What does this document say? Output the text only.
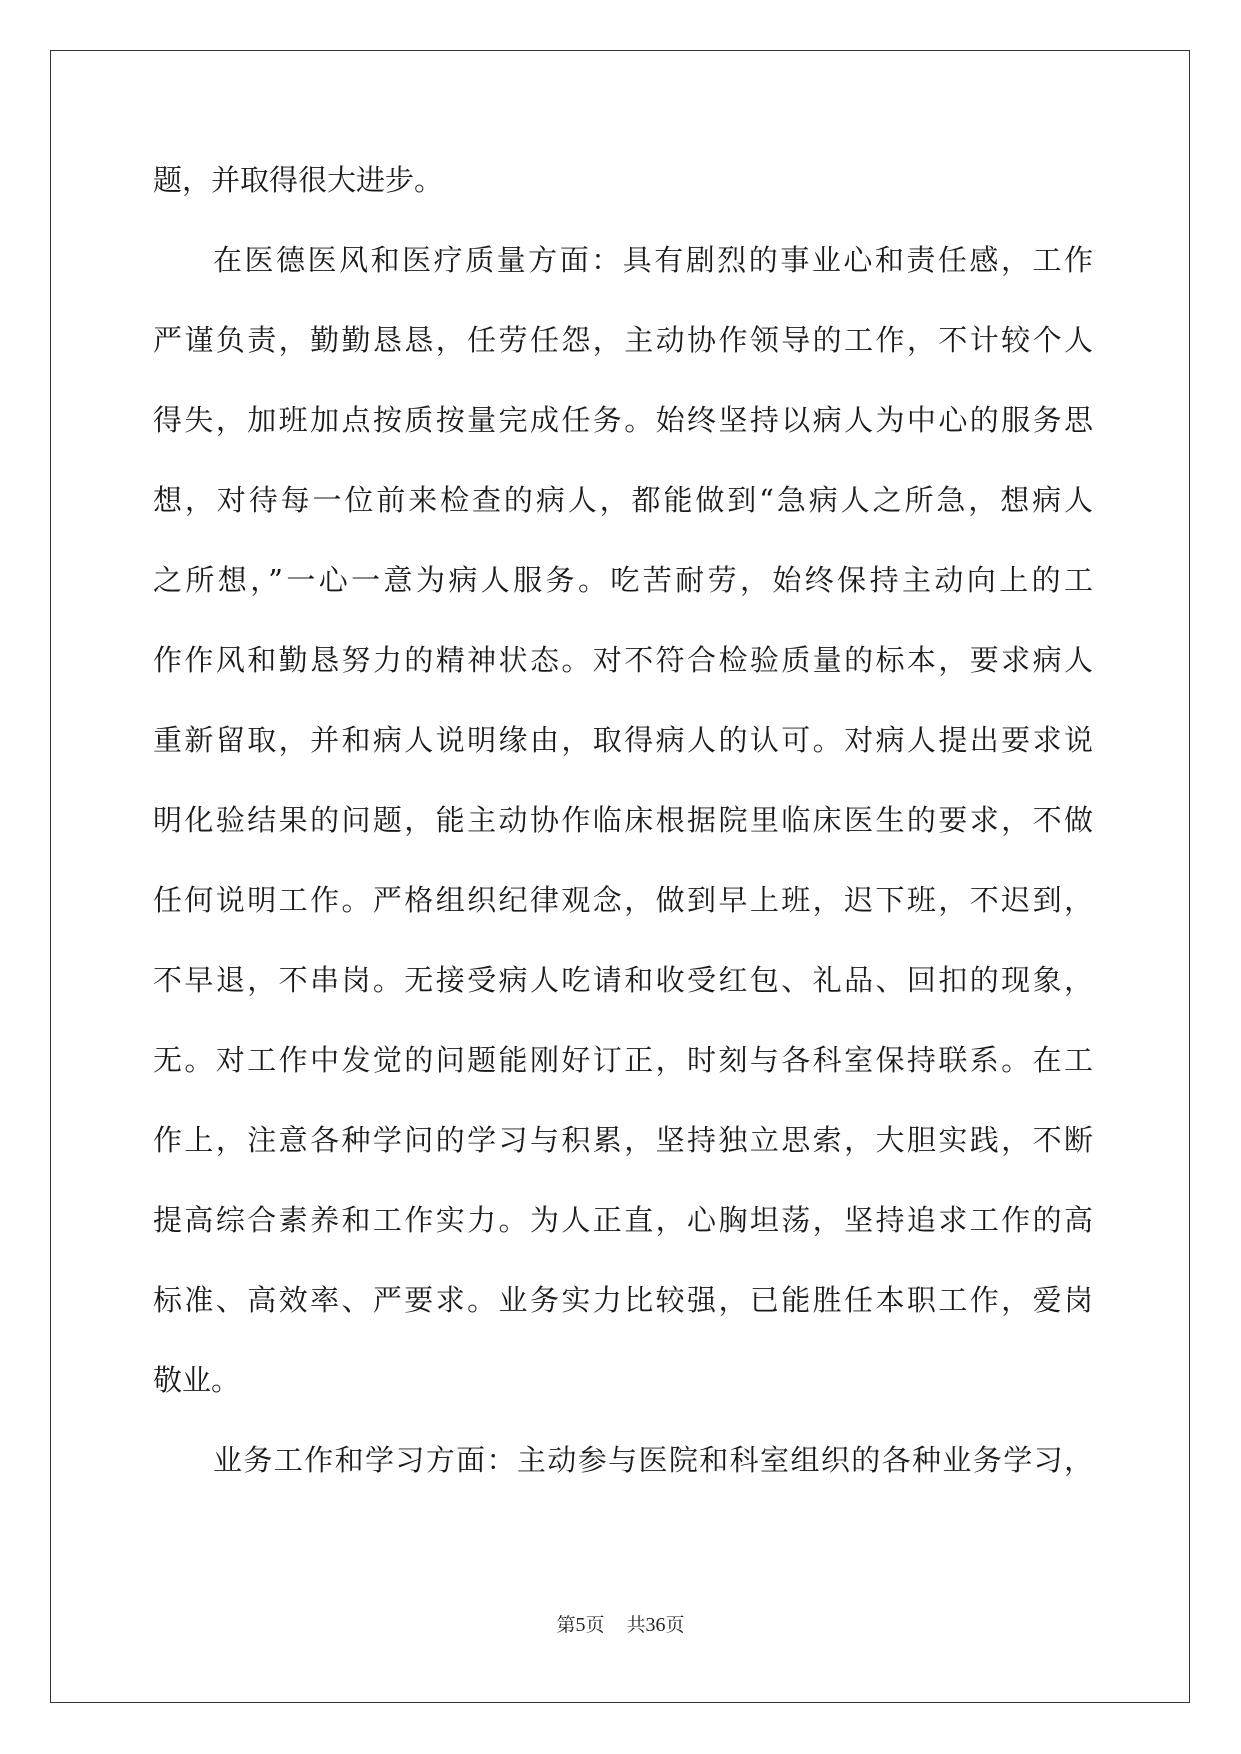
题，并取得很大进步。
在医德医风和医疗质量方面：具有剧烈的事业心和责任感，工作
严谨负责，勤勤恳恳，任劳任怨，主动协作领导的工作，不计较个人
得失，加班加点按质按量完成任务。始终坚持以病人为中心的服务思
想，对待每一位前来检查的病人，都能做到“急病人之所急，想病人
之所想，”一心一意为病人服务。吃苦耐劳，始终保持主动向上的工
作作风和勤恳努力的精神状态。对不符合检验质量的标本，要求病人
重新留取，并和病人说明缘由，取得病人的认可。对病人提出要求说
明化验结果的问题，能主动协作临床根据院里临床医生的要求，不做
任何说明工作。严格组织纪律观念，做到早上班，迟下班，不迟到，
不早退，不串岗。无接受病人吃请和收受红包、礼品、回扣的现象，
无。对工作中发觉的问题能刚好订正，时刻与各科室保持联系。在工
作上，注意各种学问的学习与积累，坚持独立思索，大胆实践，不断
提高综合素养和工作实力。为人正直，心胸坦荡，坚持追求工作的高
标准、高效率、严要求。业务实力比较强，已能胜任本职工作，爱岗
敬业。
业务工作和学习方面：主动参与医院和科室组织的各种业务学习，
第5页 共36页
